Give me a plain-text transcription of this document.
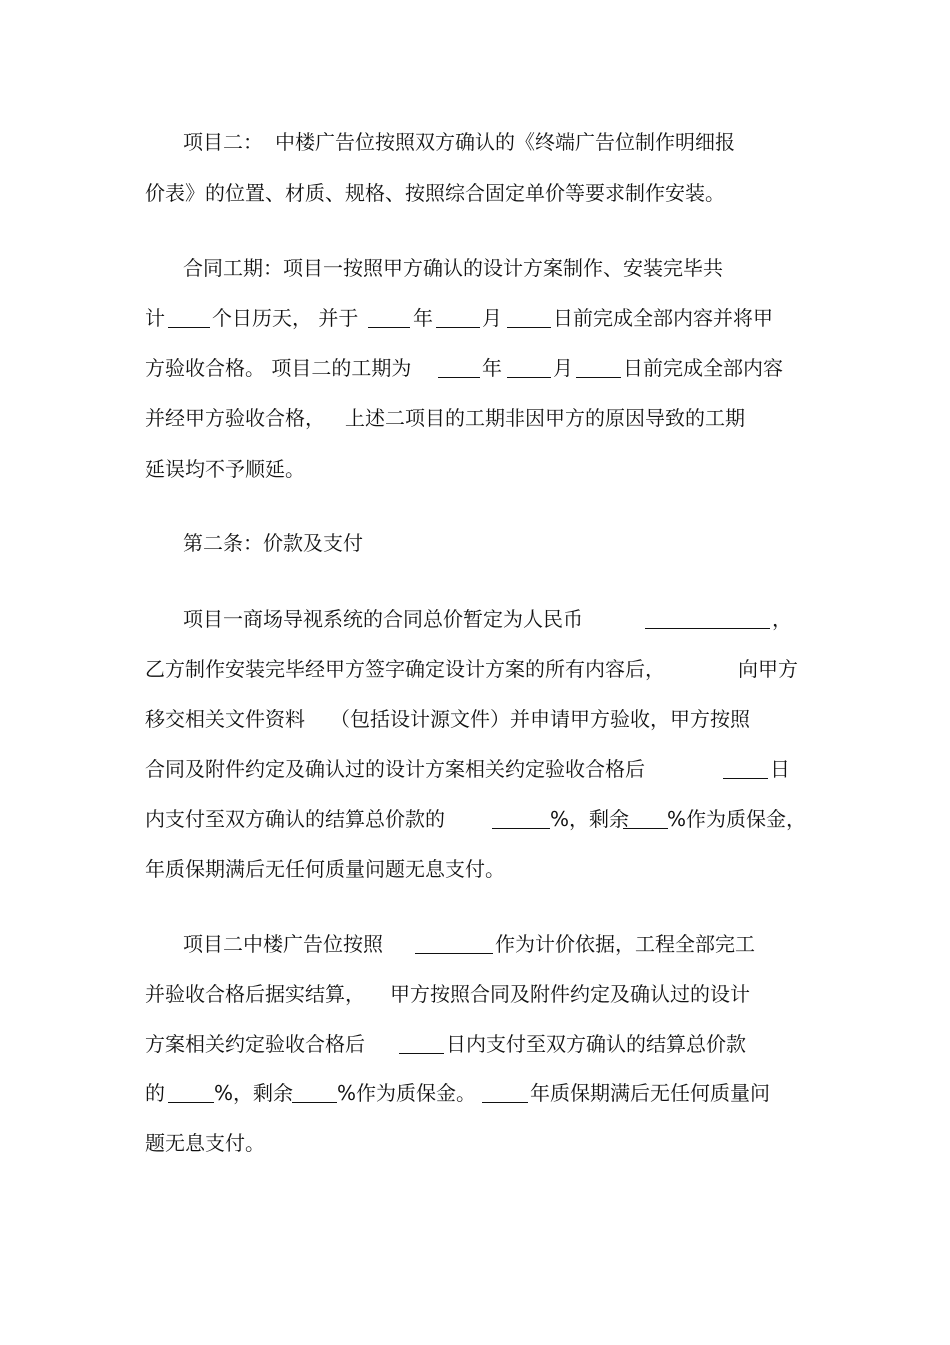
项目二： 中楼广告位按照双方确认的《终端广告位制作明细报
价表》的位置、材质、规格、按照综合固定单价等要求制作安装。
合同工期：项目一按照甲方确认的设计方案制作、安装完毕共
计 个日历天， 并于	年 月	日前完成全部内容并将甲
方验收合格。 项目二的工期为	年	月	日前完成全部内容
并经甲方验收合格， 上述二项目的工期非因甲方的原因导致的工期
延误均不予顺延。
第二条：价款及支付
项目一商场导视系统的合同总价暂定为人民币	，
乙方制作安装完毕经甲方签字确定设计方案的所有内容后，	向甲方
移交相关文件资料 （包括设计源文件）并申请甲方验收，甲方按照
合同及附件约定及确认过的设计方案相关约定验收合格后	日
内支付至双方确认的结算总价款的	%，剩余 %作为质保金，
年质保期满后无任何质量问题无息支付。
项目二中楼广告位按照	作为计价依据，工程全部完工
并验收合格后据实结算， 甲方按照合同及附件约定及确认过的设计
方案相关约定验收合格后	日内支付至双方确认的结算总价款
的 %，剩余 %作为质保金。	年质保期满后无任何质量问
题无息支付。
